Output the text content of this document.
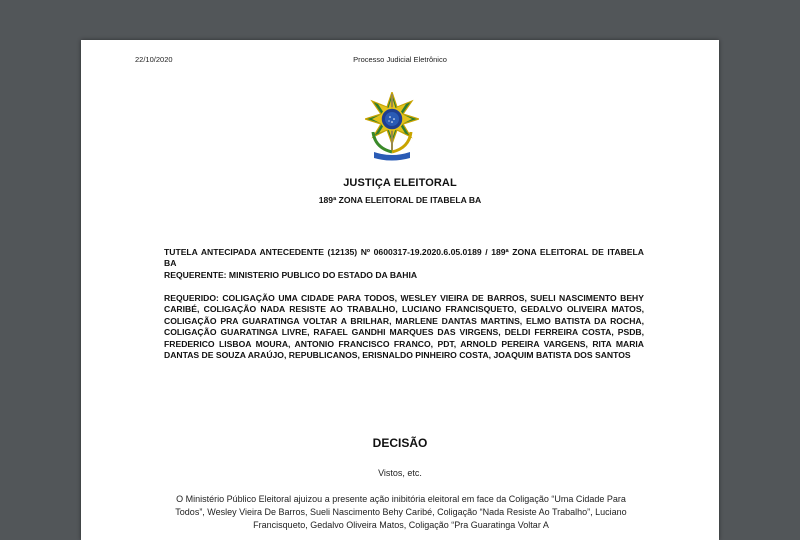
22/10/2020	Processo Judicial Eletrônico
JUSTIÇA ELEITORAL
189ª ZONA ELEITORAL DE ITABELA BA
TUTELA ANTECIPADA ANTECEDENTE (12135) Nº 0600317-19.2020.6.05.0189 / 189ª ZONA ELEITORAL DE ITABELA BA
REQUERENTE: MINISTERIO PUBLICO DO ESTADO DA BAHIA
REQUERIDO: COLIGAÇÃO UMA CIDADE PARA TODOS, WESLEY VIEIRA DE BARROS, SUELI NASCIMENTO BEHY CARIBÉ, COLIGAÇÃO NADA RESISTE AO TRABALHO, LUCIANO FRANCISQUETO, GEDALVO OLIVEIRA MATOS, COLIGAÇÃO PRA GUARATINGA VOLTAR A BRILHAR, MARLENE DANTAS MARTINS, ELMO BATISTA DA ROCHA, COLIGAÇÃO GUARATINGA LIVRE, RAFAEL GANDHI MARQUES DAS VIRGENS, DELDI FERREIRA COSTA, PSDB, FREDERICO LISBOA MOURA, ANTONIO FRANCISCO FRANCO, PDT, ARNOLD PEREIRA VARGENS, RITA MARIA DANTAS DE SOUZA ARAÚJO, REPUBLICANOS, ERISNALDO PINHEIRO COSTA, JOAQUIM BATISTA DOS SANTOS
DECISÃO
Vistos, etc.
O Ministério Público Eleitoral ajuizou a presente ação inibitória eleitoral em face da Coligação “Uma Cidade Para Todos”, Wesley Vieira De Barros, Sueli Nascimento Behy Caribé, Coligação “Nada Resiste Ao Trabalho”, Luciano Francisqueto, Gedalvo Oliveira Matos, Coligação “Pra Guaratinga Voltar A
